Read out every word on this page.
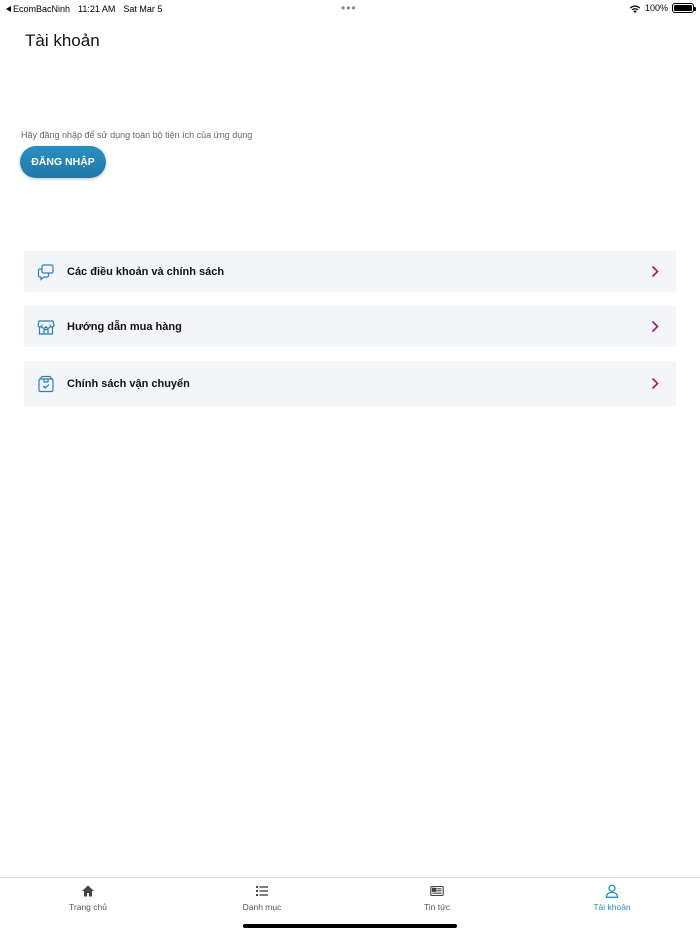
EcomBacNinh 11:21 AM Sat Mar 5	•••	100%
Tài khoản
Hãy đăng nhập để sử dụng toàn bộ tiện ích của ứng dụng
ĐĂNG NHẬP
Các điều khoản và chính sách
Hướng dẫn mua hàng
Chính sách vận chuyển
Trang chủ	Danh mục	Tin tức	Tài khoản
